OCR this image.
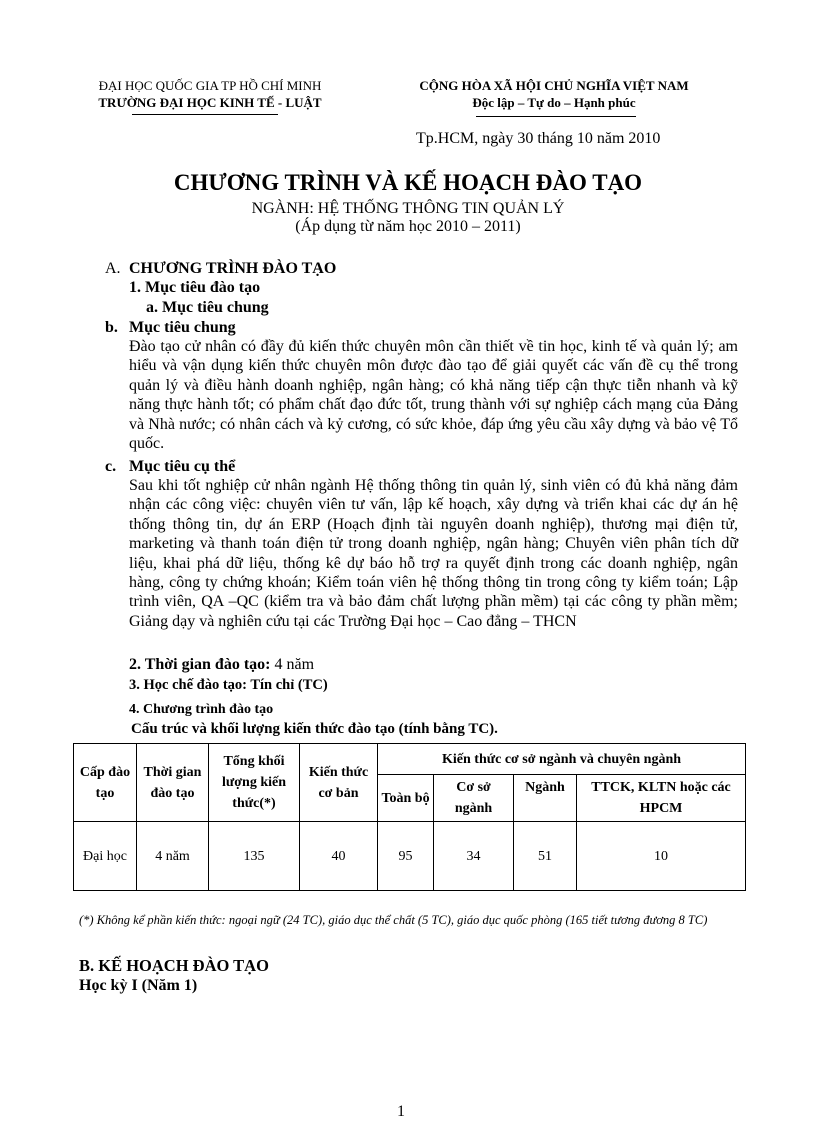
ĐẠI HỌC QUỐC GIA TP HỒ CHÍ MINH
TRƯỜNG ĐẠI HỌC KINH TẾ - LUẬT
CỘNG HÒA XÃ HỘI CHỦ NGHĨA VIỆT NAM
Độc lập – Tự do – Hạnh phúc
Tp.HCM, ngày 30 tháng 10 năm 2010
CHƯƠNG TRÌNH VÀ KẾ HOẠCH ĐÀO TẠO
NGÀNH: HỆ THỐNG THÔNG TIN QUẢN LÝ
(Áp dụng từ năm học 2010 – 2011)
A. CHƯƠNG TRÌNH ĐÀO TẠO
1. Mục tiêu đào tạo
a. Mục tiêu chung
b. Mục tiêu chung
Đào tạo cử nhân có đầy đủ kiến thức chuyên môn cần thiết về tin học, kinh tế và quản lý; am hiểu và vận dụng kiến thức chuyên môn được đào tạo để giải quyết các vấn đề cụ thể trong quản lý và điều hành doanh nghiệp, ngân hàng; có khả năng tiếp cận thực tiễn nhanh và kỹ năng thực hành tốt; có phẩm chất đạo đức tốt, trung thành với sự nghiệp cách mạng của Đảng và Nhà nước; có nhân cách và kỷ cương, có sức khỏe, đáp ứng yêu cầu xây dựng và bảo vệ Tổ quốc.
c. Mục tiêu cụ thể
Sau khi tốt nghiệp cử nhân ngành Hệ thống thông tin quản lý, sinh viên có đủ khả năng đảm nhận các công việc: chuyên viên tư vấn, lập kế hoạch, xây dựng và triển khai các dự án hệ thống thông tin, dự án ERP (Hoạch định tài nguyên doanh nghiệp), thương mại điện tử, marketing và thanh toán điện tử trong doanh nghiệp, ngân hàng; Chuyên viên phân tích dữ liệu, khai phá dữ liệu, thống kê dự báo hỗ trợ ra quyết định trong các doanh nghiệp, ngân hàng, công ty chứng khoán; Kiểm toán viên hệ thống thông tin trong công ty kiểm toán; Lập trình viên, QA –QC (kiểm tra và bảo đảm chất lượng phần mềm) tại các công ty phần mềm; Giảng dạy và nghiên cứu tại các Trường Đại học – Cao đẳng – THCN
2. Thời gian đào tạo: 4 năm
3. Học chế đào tạo: Tín chỉ (TC)
4. Chương trình đào tạo
Cấu trúc và khối lượng kiến thức đào tạo (tính bằng TC).
Cấp đào tạo	Thời gian đào tạo	Tổng khối lượng kiến thức(*)	Kiến thức cơ bản	Kiến thức cơ sở ngành và chuyên ngành			
				Toàn bộ	Cơ sở ngành	Ngành	TTCK, KLTN hoặc các HPCM
Đại học	4 năm	135	40	95	34	51	10
(*) Không kể phần kiến thức: ngoại ngữ (24 TC), giáo dục thể chất (5 TC), giáo dục quốc phòng (165 tiết tương đương 8 TC)
B. KẾ HOẠCH ĐÀO TẠO
Học kỳ I (Năm 1)
1
